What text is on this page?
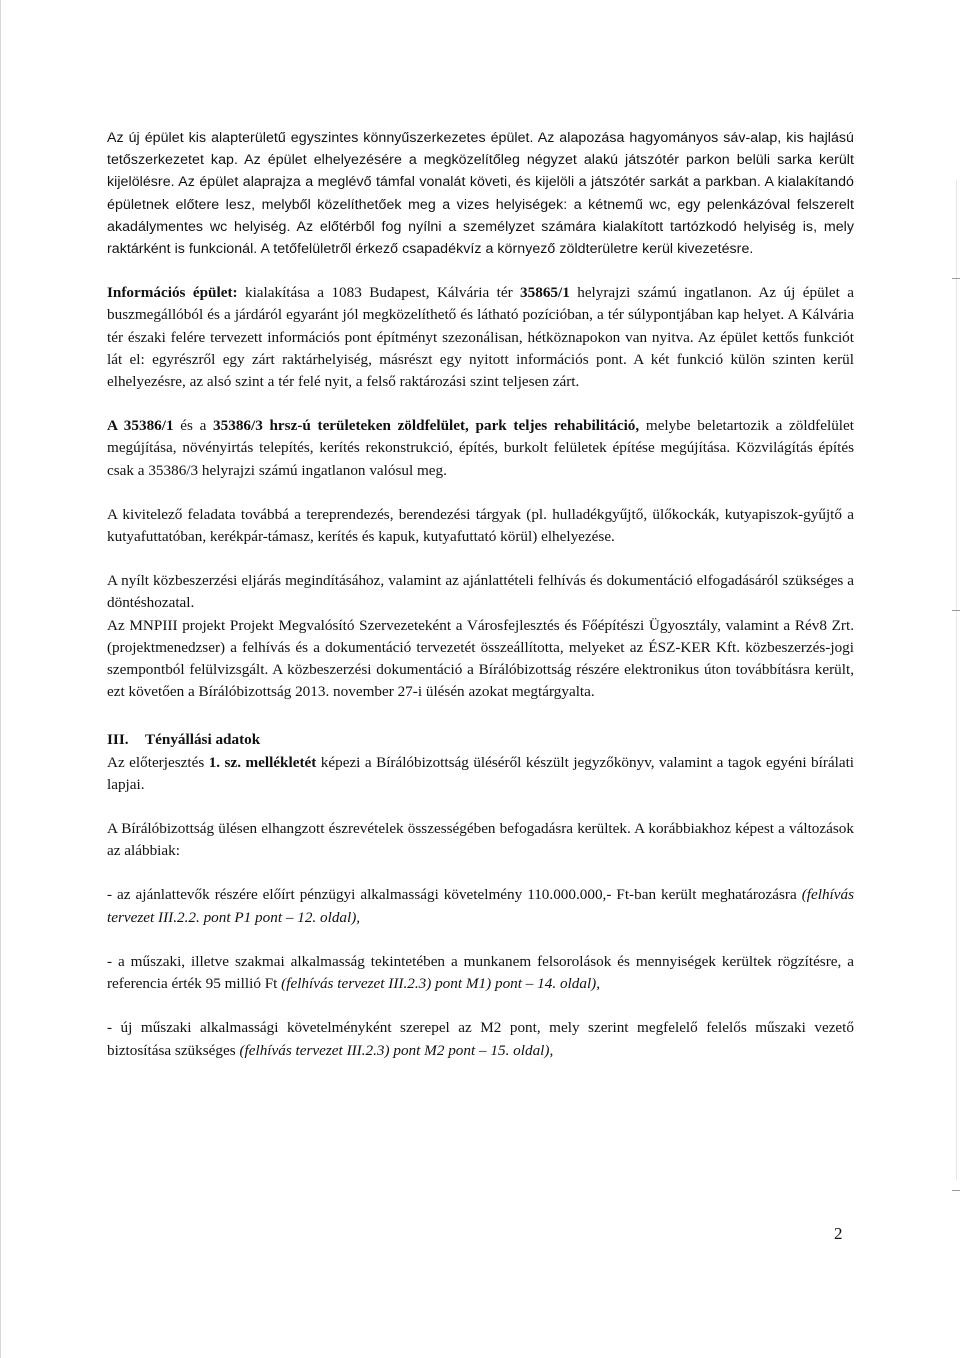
Az új épület kis alapterületű egyszintes könnyűszerkezetes épület. Az alapozása hagyományos sáv-alap, kis hajlású tetőszerkezetet kap. Az épület elhelyezésére a megközelítőleg négyzet alakú játszótér parkon belüli sarka került kijelölésre. Az épület alaprajza a meglévő támfal vonalát követi, és kijelöli a játszótér sarkát a parkban. A kialakítandó épületnek előtere lesz, melyből közelíthetőek meg a vizes helyiségek: a kétnemű wc, egy pelenkázóval felszerelt akadálymentes wc helyiség. Az előtérből fog nyílni a személyzet számára kialakított tartózkodó helyiség is, mely raktárként is funkcionál. A tetőfelületről érkező csapadékvíz a környező zöldterületre kerül kivezetésre.

Információs épület: kialakítása a 1083 Budapest, Kálvária tér 35865/1 helyrajzi számú ingatlanon. Az új épület a buszmegállóból és a járdáról egyaránt jól megközelíthető és látható pozícióban, a tér súlypontjában kap helyet. A Kálvária tér északi felére tervezett információs pont építményt szezonálisan, hétköznapokon van nyitva. Az épület kettős funkciót lát el: egyrészről egy zárt raktárhelyiség, másrészt egy nyitott információs pont. A két funkció külön szinten kerül elhelyezésre, az alsó szint a tér felé nyit, a felső raktározási szint teljesen zárt.

A 35386/1 és a 35386/3 hrsz-ú területeken zöldfelület, park teljes rehabilitáció, melybe beletartozik a zöldfelület megújítása, növényirtás telepítés, kerítés rekonstrukció, építés, burkolt felületek építése megújítása. Közvilágítás építés csak a 35386/3 helyrajzi számú ingatlanon valósul meg.

A kivitelező feladata továbbá a tereprendezés, berendezési tárgyak (pl. hulladékgyűjtő, ülőkockák, kutyapiszok-gyűjtő a kutyafuttatóban, kerékpár-támasz, kerítés és kapuk, kutyafuttató körül) elhelyezése.

A nyílt közbeszerzési eljárás megindításához, valamint az ajánlattételi felhívás és dokumentáció elfogadásáról szükséges a döntéshozatal.

Az MNPIII projekt Projekt Megvalósító Szervezeteként a Városfejlesztés és Főépítészi Ügyosztály, valamint a Rév8 Zrt. (projektmenedzser) a felhívás és a dokumentáció tervezetét összeállította, melyeket az ÉSZ-KER Kft. közbeszerzés-jogi szempontból felülvizsgált. A közbeszerzési dokumentáció a Bírálóbizottság részére elektronikus úton továbbításra került, ezt követően a Bírálóbizottság 2013. november 27-i ülésén azokat megtárgyalta.

III. Tényállási adatok

Az előterjesztés 1. sz. mellékletét képezi a Bírálóbizottság üléséről készült jegyzőkönyv, valamint a tagok egyéni bírálati lapjai.

A Bírálóbizottság ülésen elhangzott észrevételek összességében befogadásra kerültek. A korábbiakhoz képest a változások az alábbiak:

- az ajánlattevők részére előírt pénzügyi alkalmassági követelmény 110.000.000,- Ft-ban került meghatározásra (felhívás tervezet III.2.2. pont P1 pont – 12. oldal),

- a műszaki, illetve szakmai alkalmasság tekintetében a munkanem felsorolások és mennyiségek kerültek rögzítésre, a referencia érték 95 millió Ft (felhívás tervezet III.2.3) pont M1) pont – 14. oldal),

- új műszaki alkalmassági követelményként szerepel az M2 pont, mely szerint megfelelő felelős műszaki vezető biztosítása szükséges (felhívás tervezet III.2.3) pont M2 pont – 15. oldal),

2
